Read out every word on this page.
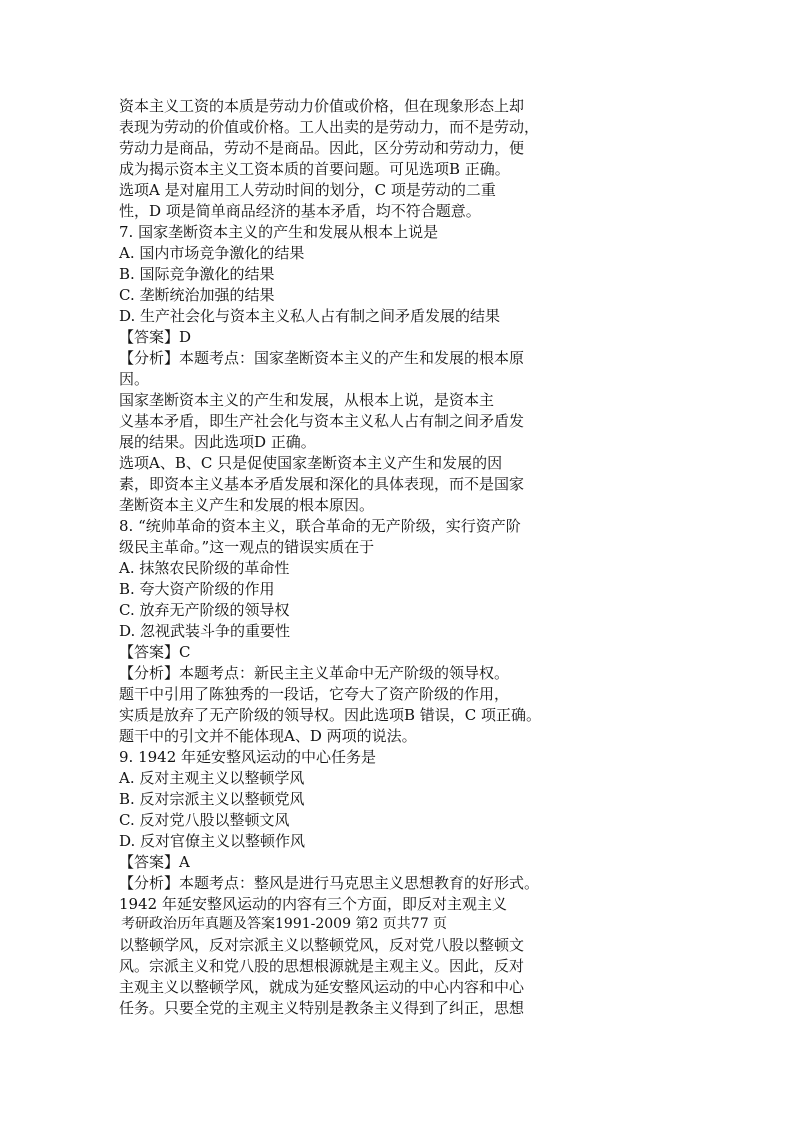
资本主义工资的本质是劳动力价值或价格，但在现象形态上却
表现为劳动的价值或价格。工人出卖的是劳动力，而不是劳动，
劳动力是商品，劳动不是商品。因此，区分劳动和劳动力，便
成为揭示资本主义工资本质的首要问题。可见选项B 正确。
选项A 是对雇用工人劳动时间的划分，C 项是劳动的二重
性，D 项是简单商品经济的基本矛盾，均不符合题意。
7. 国家垄断资本主义的产生和发展从根本上说是
A. 国内市场竞争激化的结果
B. 国际竞争激化的结果
C. 垄断统治加强的结果
D. 生产社会化与资本主义私人占有制之间矛盾发展的结果
【答案】D
【分析】本题考点：国家垄断资本主义的产生和发展的根本原
因。
国家垄断资本主义的产生和发展，从根本上说，是资本主
义基本矛盾，即生产社会化与资本主义私人占有制之间矛盾发
展的结果。因此选项D 正确。
选项A、B、C 只是促使国家垄断资本主义产生和发展的因
素，即资本主义基本矛盾发展和深化的具体表现，而不是国家
垄断资本主义产生和发展的根本原因。
8. “统帅革命的资本主义，联合革命的无产阶级，实行资产阶
级民主革命。”这一观点的错误实质在于
A. 抹煞农民阶级的革命性
B. 夸大资产阶级的作用
C. 放弃无产阶级的领导权
D. 忽视武装斗争的重要性
【答案】C
【分析】本题考点：新民主主义革命中无产阶级的领导权。
题干中引用了陈独秀的一段话，它夸大了资产阶级的作用，
实质是放弃了无产阶级的领导权。因此选项B 错误，C 项正确。
题干中的引文并不能体现A、D 两项的说法。
9. 1942 年延安整风运动的中心任务是
A. 反对主观主义以整顿学风
B. 反对宗派主义以整顿党风
C. 反对党八股以整顿文风
D. 反对官僚主义以整顿作风
【答案】A
【分析】本题考点：整风是进行马克思主义思想教育的好形式。
1942 年延安整风运动的内容有三个方面，即反对主观主义
考研政治历年真题及答案1991-2009 第2 页共77 页
以整顿学风，反对宗派主义以整顿党风，反对党八股以整顿文
风。宗派主义和党八股的思想根源就是主观主义。因此，反对
主观主义以整顿学风，就成为延安整风运动的中心内容和中心
任务。只要全党的主观主义特别是教条主义得到了纠正，思想
